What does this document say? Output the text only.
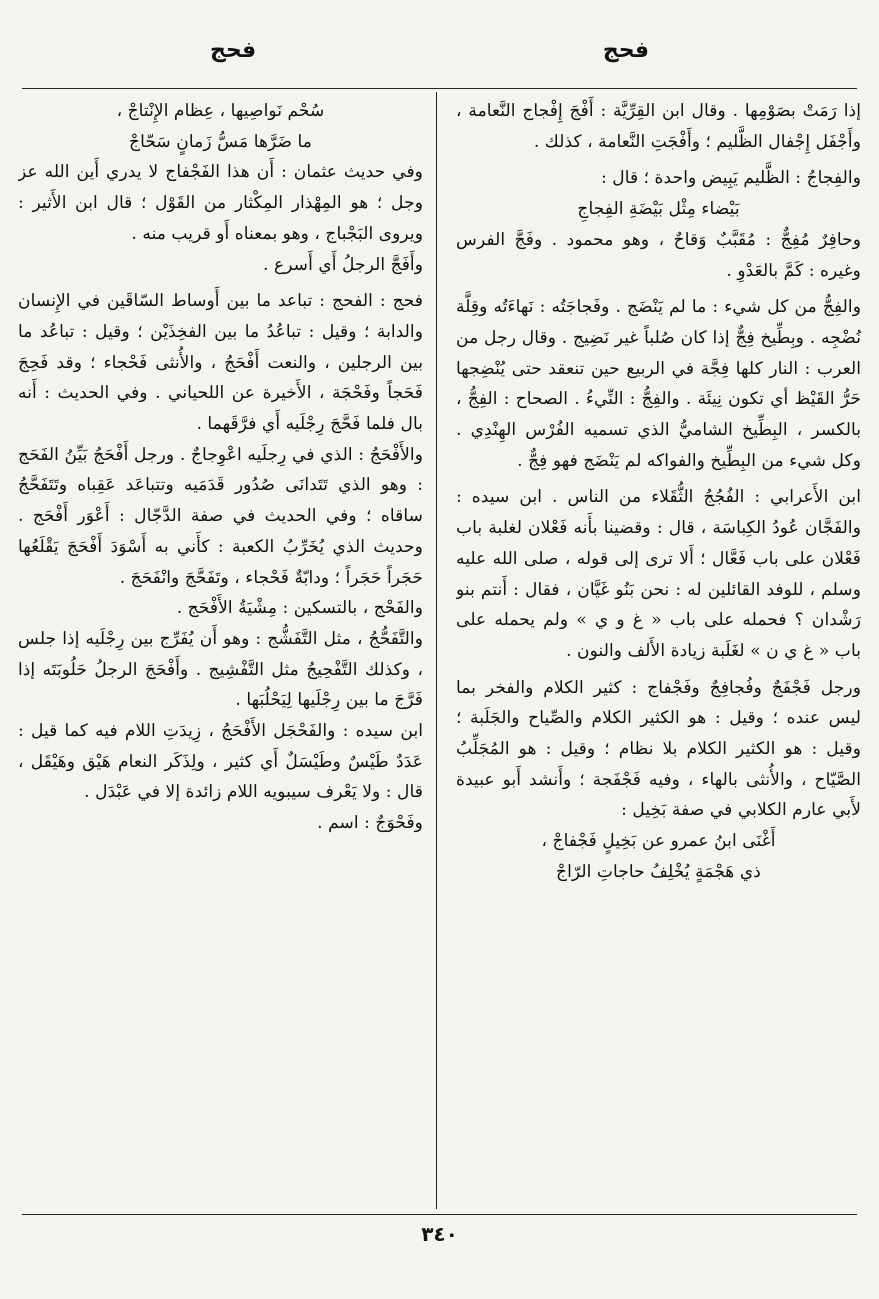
فحج
فحج

إذا رَمَتْ بصَوْمِها . وقال ابن القِرِّيَّة : أَفْجَ إِفْجاج النَّعامة ، وأَجْفَل إِجْفال الظَّليم ؛ وأَفْجَتِ النَّعامة ، كذلك .

والفِجاجُ : الظَّليم يَبِيض واحدة ؛ قال :

بَيْضاء مِثْل بَيْضَةِ الفِجاجِ

وحافِرٌ مُفِجٌّ : مُقَبَّبٌ وَقاحٌ ، وهو محمود . وفَجَّ الفرس وغيره : كَمَّ بالعَدْوِ .

والفِجُّ من كل شيء : ما لم يَنْضَج . وفَجاجَتُه : نَهاءَتُه وقِلَّة نُضْجِه . وبِطِّيخ فِجٌّ إذا كان صُلباً غير نَضِيج . وقال رجل من العرب : النار كلها فِجَّة في الربيع حين تنعقد حتى يُنْضِجها حَرُّ القَيْظ أي تكون نِيئَة . والفِجُّ : النِّيءُ . الصحاح : الفِجُّ ، بالكسر ، البِطِّيخ الشاميُّ الذي تسميه الفُرْس الهِنْدِي . وكل شيء من البِطِّيخ والفواكه لم يَنْضَج فهو فِجٌّ .

ابن الأَعرابي : الفُجُجُ الثُّقَلاء من الناس . ابن سيده : والفَجَّان عُودُ الكِباسَة ، قال : وقضينا بأَنه فَعْلان لغلبة باب فَعْلان على باب فَعَّال ؛ أَلا ترى إلى قوله ، صلى الله عليه وسلم ، للوفد القائلين له : نحن بَنُو غَيَّان ، فقال : أَنتم بنو رَشْدان ؟ فحمله على باب « غ و ي » ولم يحمله على باب « غ ي ن » لغَلَبة زيادة الأَلف والنون .

ورجل فَجْفَجٌ وفُجافِجٌ وفَجْفاج : كثير الكلام والفخر بما ليس عنده ؛ وقيل : هو الكثير الكلام والصِّياح والجَلَبة ؛ وقيل : هو الكثير الكلام بلا نظام ؛ وقيل : هو المُجَلِّبُ الصَّيّاح ، والأُنثى بالهاء ، وفيه فَجْفَجة ؛ وأَنشد أَبو عبيدة لأَبي عارم الكلابي في صفة بَخِيل :

أَغْنَى ابنُ عمرو عن بَخِيلٍ فَجْفاجْ ،

ذي هَجْمَةٍ يُخْلِفُ حاجاتِ الرّاجْ

سُحْم نَواصِيها ، عِظام الإِنْتاجْ ،

ما ضَرَّها مَسُّ زَمانٍ سَحّاجْ

وفي حديث عثمان : أَن هذا الفَجْفاج لا يدري أَين الله عز وجل ؛ هو المِهْذار المِكْثار من القَوْل ؛ قال ابن الأَثير : ويروى البَجْباج ، وهو بمعناه أَو قريب منه .

وأَفَجَّ الرجلُ أَي أَسرع .

فحج : الفحج : تباعد ما بين أَوساط السّاقَين في الإِنسان والدابة ؛ وقيل : تباعُدُ ما بين الفخِذَيْن ؛ وقيل : تباعُد ما بين الرجلين ، والنعت أَفْحَجُ ، والأُنثى فَحْجاء ؛ وقد فَحِجَ فَحَجاً وفَحْجَة ، الأَخيرة عن اللحياني . وفي الحديث : أَنه بال فلما فَحَّجَ رِجْلَيه أَي فرَّقَهما .

والأَفْحَجُ : الذي في رِجلَيه اعْوِجاجٌ . ورجل أَفْحَجُ بَيِّنُ الفَحَج : وهو الذي تَتَدانَى صُدُور قَدَمَيه وتتباعَد عَقِباه وتَتَفَحَّجُ ساقاه ؛ وفي الحديث في صفة الدَّجّال : أَعْوَر أَفْحَج . وحديث الذي يُخَرِّبُ الكعبة : كأَني به أَسْوَدَ أَفْحَجَ يَقْلَعُها حَجَراً حَجَراً ؛ ودابّةٌ فَحْجاء ، وتَفَحَّجَ وانْفَحَجَ .

والفَحْج ، بالتسكين : مِشْيَةُ الأَفْحَج .

والتَّفَحُّجُ ، مثل التَّفَشُّج : وهو أَن يُفَرِّج بين رِجْلَيه إذا جلس ، وكذلك التَّفْحِيجُ مثل التَّفْشِيج . وأَفْحَجَ الرجلُ حَلُوبَتَه إذا فَرَّجَ ما بين رِجْلَيها لِيَحْلُبَها .

ابن سيده : والفَحْجَل الأَفْحَجُ ، زِيدَتِ اللام فيه كما قيل : عَدَدٌ طَيْسٌ وطَيْسَلٌ أَي كثير ، ولِذَكَر النعام هَيْق وهَيْقَل ، قال : ولا يَعْرف سيبويه اللام زائدة إلا في عَبْدَل .

وفَحْوَجٌ : اسم .

٣٤٠
